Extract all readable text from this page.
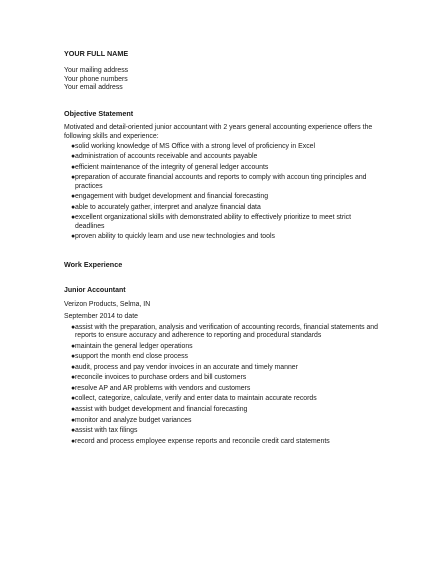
YOUR FULL NAME
Your mailing address
Your phone numbers
Your email address
Objective Statement
Motivated and detail-oriented junior accountant with 2 years general accounting experience offers the following skills and experience:
● solid working knowledge of MS Office with a strong level of proficiency in Excel
● administration of accounts receivable and accounts payable
● efficient maintenance of the integrity of general ledger accounts
● preparation of accurate financial accounts and reports to comply with accoun ting principles and practices
● engagement with budget development and financial forecasting
● able to accurately gather, interpret and analyze financial data
● excellent organizational skills with demonstrated ability to effectively prioritize to meet strict deadlines
● proven ability to quickly learn and use new technologies and tools
Work Experience
Junior Accountant
Verizon Products, Selma, IN
September 2014 to date
● assist with the preparation, analysis and verification of accounting records, financial statements and reports to ensure accuracy and adherence to reporting and procedural standards
● maintain the general ledger operations
● support the month end close process
● audit, process and pay vendor invoices in an accurate and timely manner
● reconcile invoices to purchase orders and bill customers
● resolve AP and AR problems with vendors and customers
● collect, categorize, calculate, verify and enter data to maintain accurate records
● assist with budget development and financial forecasting
● monitor and analyze budget variances
● assist with tax filings
● record and process employee expense reports and reconcile credit card statements
